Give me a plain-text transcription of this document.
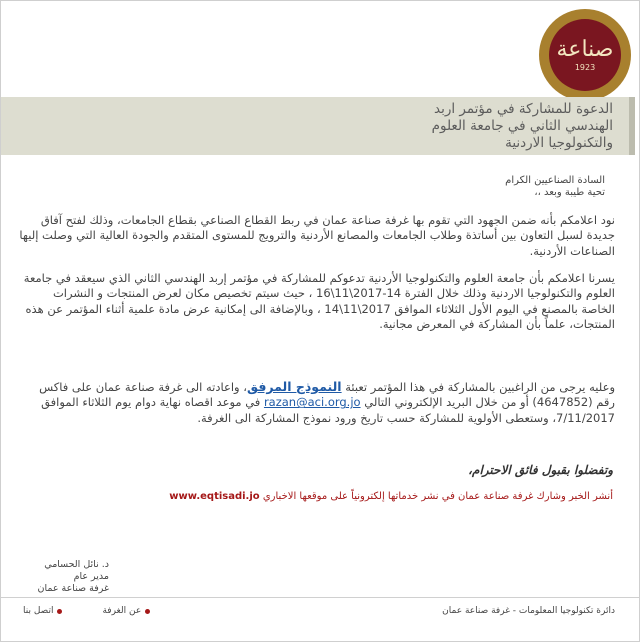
صناعة
1923
الدعوة للمشاركة في مؤتمر اربد
الهندسي الثاني في جامعة العلوم
والتكنولوجيا الاردنية
السادة الصناعيين الكرام
تحية طيبة وبعد ،،
نود اعلامكم بأنه ضمن الجهود التي تقوم بها غرفة صناعة عمان في ربط القطاع الصناعي بقطاع الجامعات، وذلك لفتح آفاق جديدة لسبل التعاون بين أساتذة وطلاب الجامعات والمصانع الأردنية والترويج للمستوى المتقدم والجودة العالية التي وصلت إليها الصناعات الأردنية.
يسرنا اعلامكم بأن جامعة العلوم والتكنولوجيا الأردنية تدعوكم للمشاركة في مؤتمر إربد الهندسي الثاني الذي سيعقد في جامعة العلوم والتكنولوجيا الاردنية وذلك خلال الفترة 14-2017\11\16 ، حيث سيتم تخصيص مكان لعرض المنتجات و النشرات الخاصة بالمصنع في اليوم الأول الثلاثاء الموافق 2017\11\14 ، وبالإضافة الى إمكانية عرض مادة علمية أثناء المؤتمر عن هذه المنتجات، علماً بأن المشاركة في المعرض مجانية.
وعليه يرجى من الراغبين بالمشاركة في هذا المؤتمر تعبئة النموذج المرفق، واعادته الى غرفة صناعة عمان على فاكس رقم (4647852) أو من خلال البريد الإلكتروني التالي razan@aci.org.jo في موعد اقصاه نهاية دوام يوم الثلاثاء الموافق 7/11/2017، وستعطى الأولوية للمشاركة حسب تاريخ ورود نموذج المشاركة الى الغرفة.
وتفضلوا بقبول فائق الاحترام،
أنشر الخبر وشارك غرفة صناعة عمان في نشر خدماتها إلكترونياً على موقعها الاخباري www.eqtisadi.jo
د. نائل الحسامي
مدير عام
غرفة صناعة عمان
دائرة تكنولوجيا المعلومات - غرفة صناعة عمان
عن الغرفة
اتصل بنا
